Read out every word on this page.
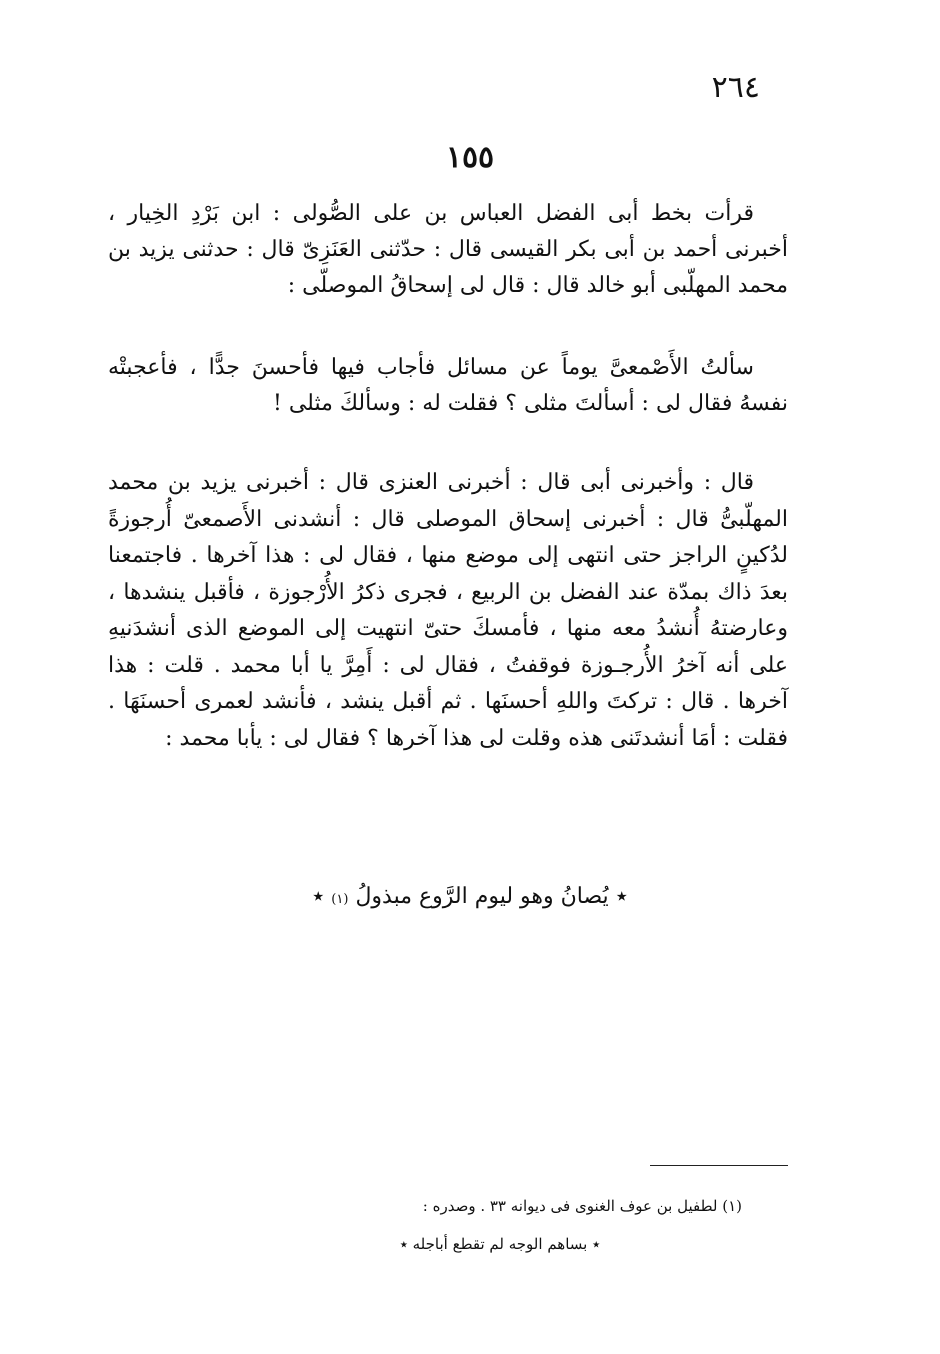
٢٦٤
١٥٥

قرأت بخط أبى الفضل العباس بن على الصُّولى : ابن بَرْدِ الخِيار ، أخبرنى أحمد بن أبى بكر القيسى قال : حدّثنى العَنَزِىّ قال : حدثنى يزيد بن محمد المهلّبى أبو خالد قال : قال لى إسحاقُ الموصلّى :

سألتُ الأَصْمعىَّ يوماً عن مسائل فأجاب فيها فأحسنَ جدًّا ، فأعجبتْه نفسهُ فقال لى : أسألتَ مثلى ؟ فقلت له : وسألكَ مثلى !

قال : وأخبرنى أبى قال : أخبرنى العنزى قال : أخبرنى يزيد بن محمد المهلّبىُّ قال : أخبرنى إسحاق الموصلى قال : أنشدنى الأَصمعىّ أُرجوزةً لدُكينٍ الراجز حتى انتهى إلى موضع منها ، فقال لى : هذا آخرها . فاجتمعنا بعدَ ذاك بمدّة عند الفضل بن الربيع ، فجرى ذكرُ الأُرْجوزة ، فأقبل ينشدها ، وعارضتهُ أُنشدُ معه منها ، فأمسكَ حتىّ انتهيت إلى الموضع الذى أنشدَنيهِ على أنه آخرُ الأُرجـوزة فوقفتُ ، فقال لى : أَمِرَّ يا أبا محمد . قلت : هذا آخرها . قال : تركتَ واللهِ أحسنَها . ثم أقبل ينشد ، فأنشد لعمرى أحسنَهَا . فقلت : أمَا أنشدتَنى هذه وقلت لى هذا آخرها ؟ فقال لى : يأبا محمد :

٭ يُصانُ وهو ليوم الرَّوع مبذولُ (١) ٭
(١) لطفيل بن عوف الغنوى فى ديوانه ٣٣ . وصدره :
٭ بساهم الوجه لم تقطع أباجله ٭
